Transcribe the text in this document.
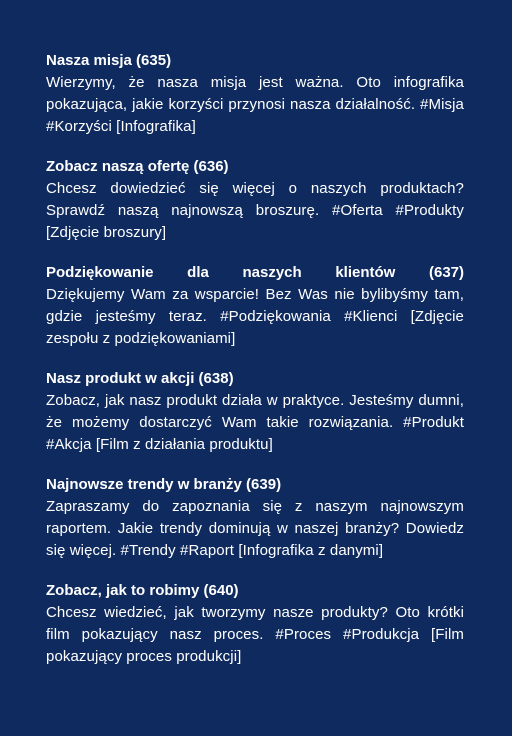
Nasza misja (635)
Wierzymy, że nasza misja jest ważna. Oto infografika pokazująca, jakie korzyści przynosi nasza działalność. #Misja #Korzyści [Infografika]
Zobacz naszą ofertę (636)
Chcesz dowiedzieć się więcej o naszych produktach? Sprawdź naszą najnowszą broszurę. #Oferta #Produkty [Zdjęcie broszury]
Podziękowanie dla naszych klientów (637)
Dziękujemy Wam za wsparcie! Bez Was nie bylibyśmy tam, gdzie jesteśmy teraz. #Podziękowania #Klienci [Zdjęcie zespołu z podziękowaniami]
Nasz produkt w akcji (638)
Zobacz, jak nasz produkt działa w praktyce. Jesteśmy dumni, że możemy dostarczyć Wam takie rozwiązania. #Produkt #Akcja [Film z działania produktu]
Najnowsze trendy w branży (639)
Zapraszamy do zapoznania się z naszym najnowszym raportem. Jakie trendy dominują w naszej branży? Dowiedz się więcej. #Trendy #Raport [Infografika z danymi]
Zobacz, jak to robimy (640)
Chcesz wiedzieć, jak tworzymy nasze produkty? Oto krótki film pokazujący nasz proces. #Proces #Produkcja [Film pokazujący proces produkcji]
